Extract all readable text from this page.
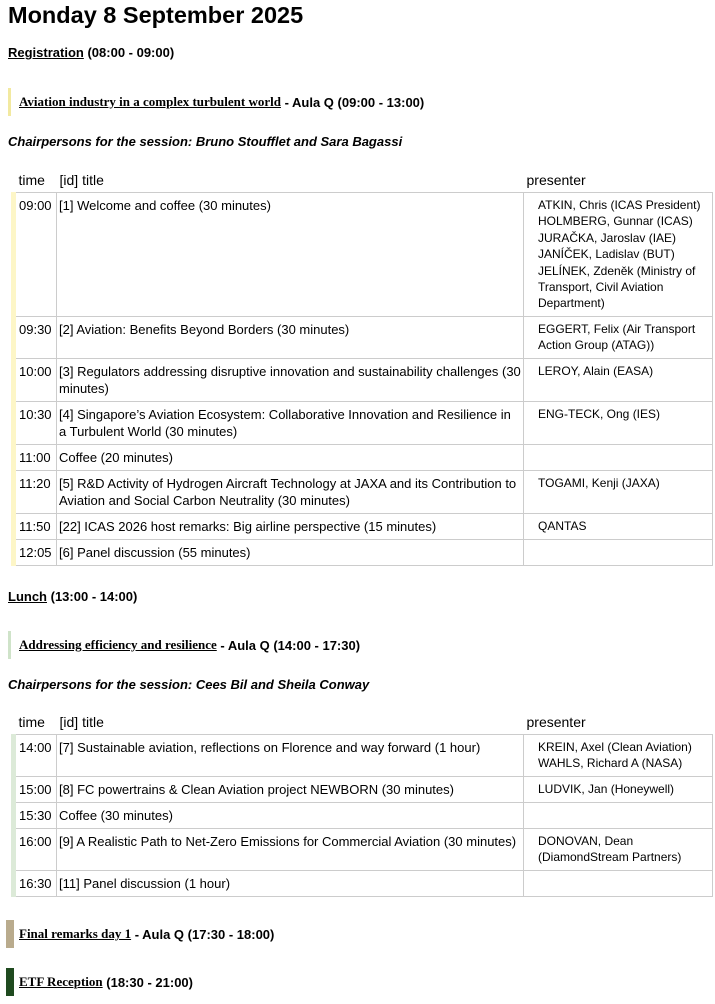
Monday 8 September 2025
Registration (08:00 - 09:00)
Aviation industry in a complex turbulent world - Aula Q (09:00 - 13:00)
Chairpersons for the session: Bruno Stoufflet and Sara Bagassi
time	[id] title	presenter
09:00	[1] Welcome and coffee (30 minutes)	ATKIN, Chris (ICAS President)
HOLMBERG, Gunnar (ICAS)
JURAČKA, Jaroslav (IAE)
JANÍČEK, Ladislav (BUT)
JELÍNEK, Zdeněk (Ministry of Transport, Civil Aviation Department)

09:30	[2] Aviation: Benefits Beyond Borders (30 minutes)	EGGERT, Felix (Air Transport Action Group (ATAG))

10:00	[3] Regulators addressing disruptive innovation and sustainability challenges (30 minutes)	LEROY, Alain (EASA)

10:30	[4] Singapore’s Aviation Ecosystem: Collaborative Innovation and Resilience in a Turbulent World (30 minutes)	ENG-TECK, Ong (IES)

11:00	Coffee (20 minutes)	
11:20	[5] R&D Activity of Hydrogen Aircraft Technology at JAXA and its Contribution to Aviation and Social Carbon Neutrality (30 minutes)	TOGAMI, Kenji (JAXA)

11:50	[22] ICAS 2026 host remarks: Big airline perspective (15 minutes)	QANTAS

12:05	[6] Panel discussion (55 minutes)	
Lunch (13:00 - 14:00)
Addressing efficiency and resilience - Aula Q (14:00 - 17:30)
Chairpersons for the session: Cees Bil and Sheila Conway
time	[id] title	presenter
14:00	[7] Sustainable aviation, reflections on Florence and way forward (1 hour)	KREIN, Axel (Clean Aviation)
WAHLS, Richard A (NASA)

15:00	[8] FC powertrains & Clean Aviation project NEWBORN (30 minutes)	LUDVIK, Jan (Honeywell)

15:30	Coffee (30 minutes)	
16:00	[9] A Realistic Path to Net-Zero Emissions for Commercial Aviation (30 minutes)	DONOVAN, Dean (DiamondStream Partners)

16:30	[11] Panel discussion (1 hour)	
Final remarks day 1 - Aula Q (17:30 - 18:00)
ETF Reception (18:30 - 21:00)
